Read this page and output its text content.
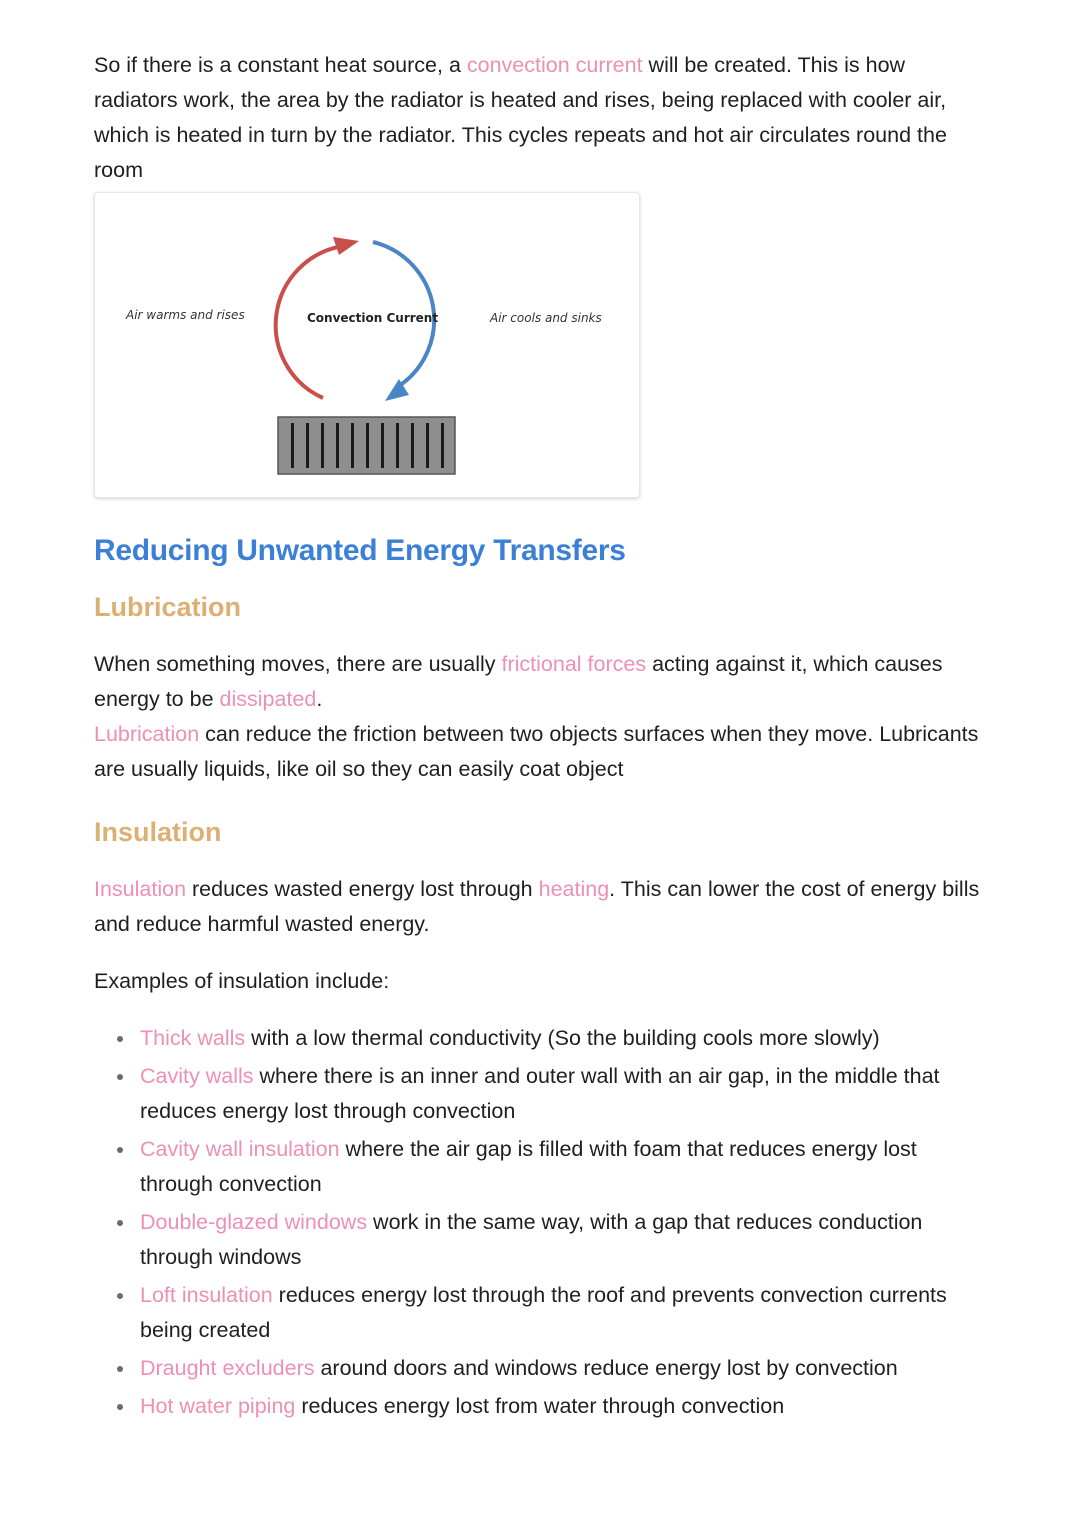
So if there is a constant heat source, a convection current will be created. This is how radiators work, the area by the radiator is heated and rises, being replaced with cooler air, which is heated in turn by the radiator. This cycles repeats and hot air circulates round the room

Air warms and rises	Convection Current	Air cools and sinks
Reducing Unwanted Energy Transfers
Lubrication

When something moves, there are usually frictional forces acting against it, which causes energy to be dissipated.

Lubrication can reduce the friction between two objects surfaces when they move. Lubricants are usually liquids, like oil so they can easily coat object

Insulation

Insulation reduces wasted energy lost through heating. This can lower the cost of energy bills and reduce harmful wasted energy.

Examples of insulation include:

Thick walls with a low thermal conductivity (So the building cools more slowly)
Cavity walls where there is an inner and outer wall with an air gap, in the middle that reduces energy lost through convection
Cavity wall insulation where the air gap is filled with foam that reduces energy lost through convection
Double-glazed windows work in the same way, with a gap that reduces conduction through windows
Loft insulation reduces energy lost through the roof and prevents convection currents being created
Draught excluders around doors and windows reduce energy lost by convection
Hot water piping reduces energy lost from water through convection
